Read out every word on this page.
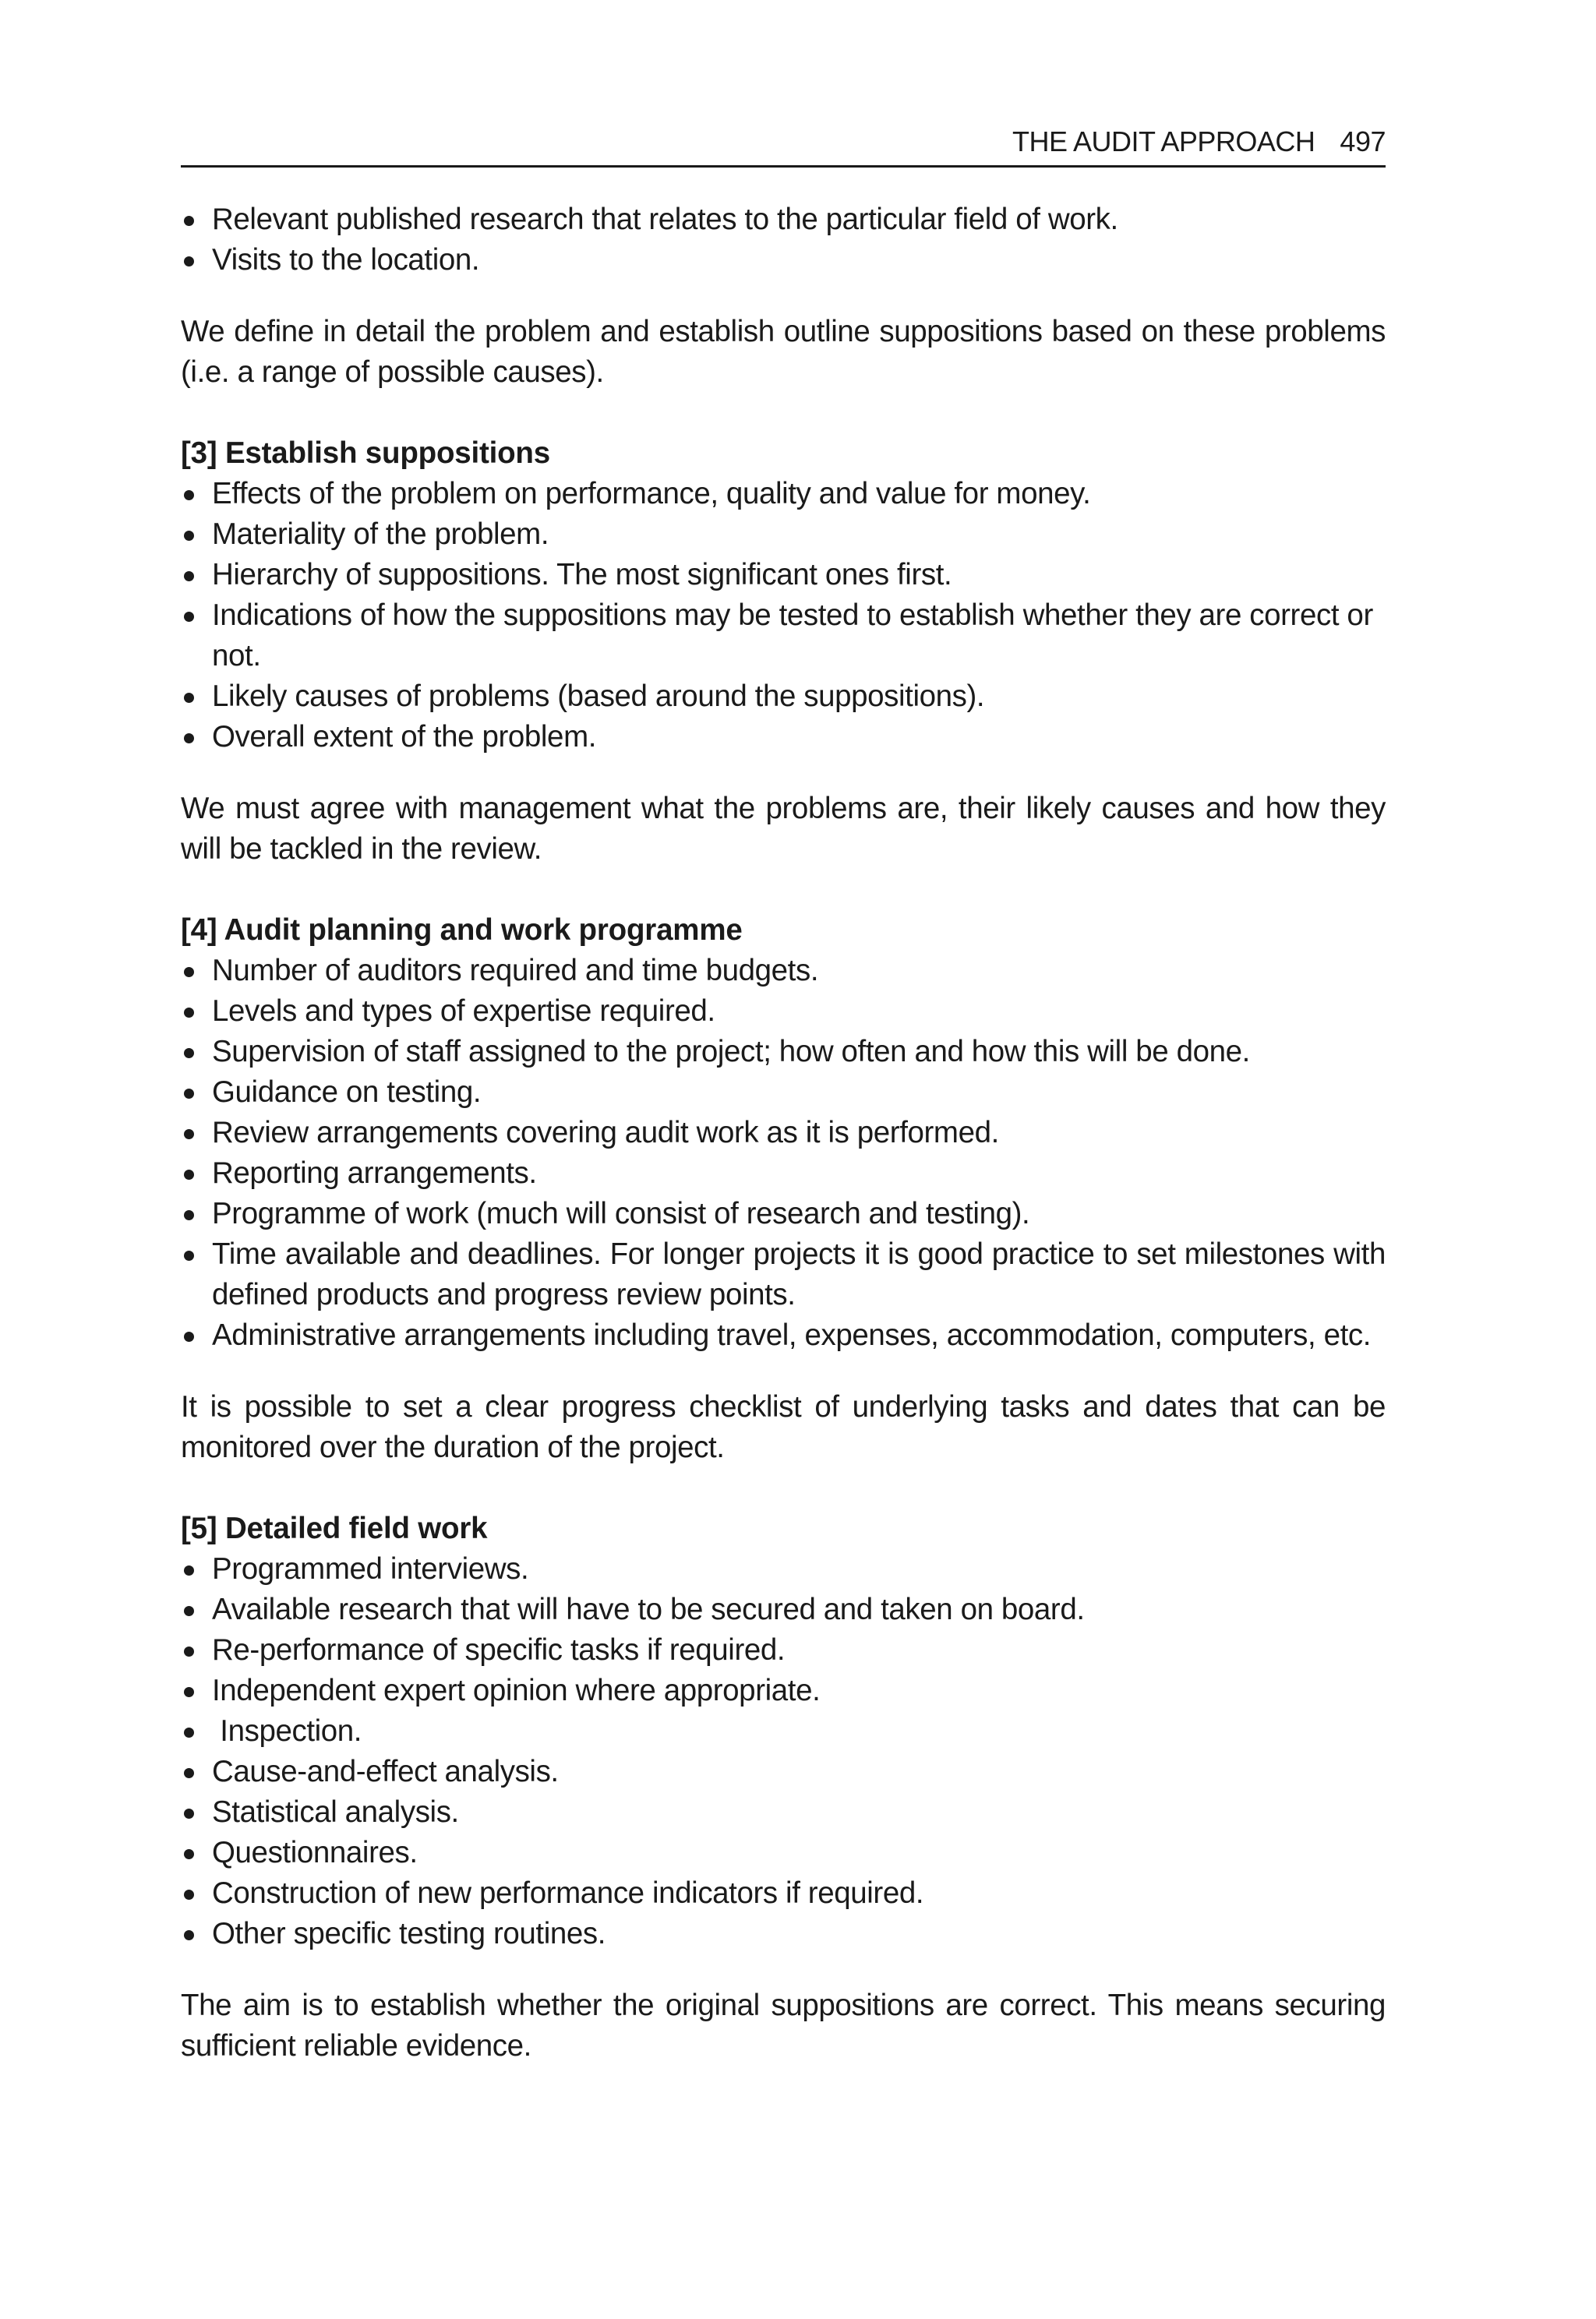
THE AUDIT APPROACH 497
Relevant published research that relates to the particular field of work.
Visits to the location.

We define in detail the problem and establish outline suppositions based on these problems (i.e. a range of possible causes).

[3] Establish suppositions
Effects of the problem on performance, quality and value for money.
Materiality of the problem.
Hierarchy of suppositions. The most significant ones first.
Indications of how the suppositions may be tested to establish whether they are correct or not.
Likely causes of problems (based around the suppositions).
Overall extent of the problem.

We must agree with management what the problems are, their likely causes and how they will be tackled in the review.

[4] Audit planning and work programme
Number of auditors required and time budgets.
Levels and types of expertise required.
Supervision of staff assigned to the project; how often and how this will be done.
Guidance on testing.
Review arrangements covering audit work as it is performed.
Reporting arrangements.
Programme of work (much will consist of research and testing).
Time available and deadlines. For longer projects it is good practice to set milestones with defined products and progress review points.
Administrative arrangements including travel, expenses, accommodation, computers, etc.

It is possible to set a clear progress checklist of underlying tasks and dates that can be monitored over the duration of the project.

[5] Detailed field work
Programmed interviews.
Available research that will have to be secured and taken on board.
Re-performance of specific tasks if required.
Independent expert opinion where appropriate.
Inspection.
Cause-and-effect analysis.
Statistical analysis.
Questionnaires.
Construction of new performance indicators if required.
Other specific testing routines.

The aim is to establish whether the original suppositions are correct. This means securing sufficient reliable evidence.
